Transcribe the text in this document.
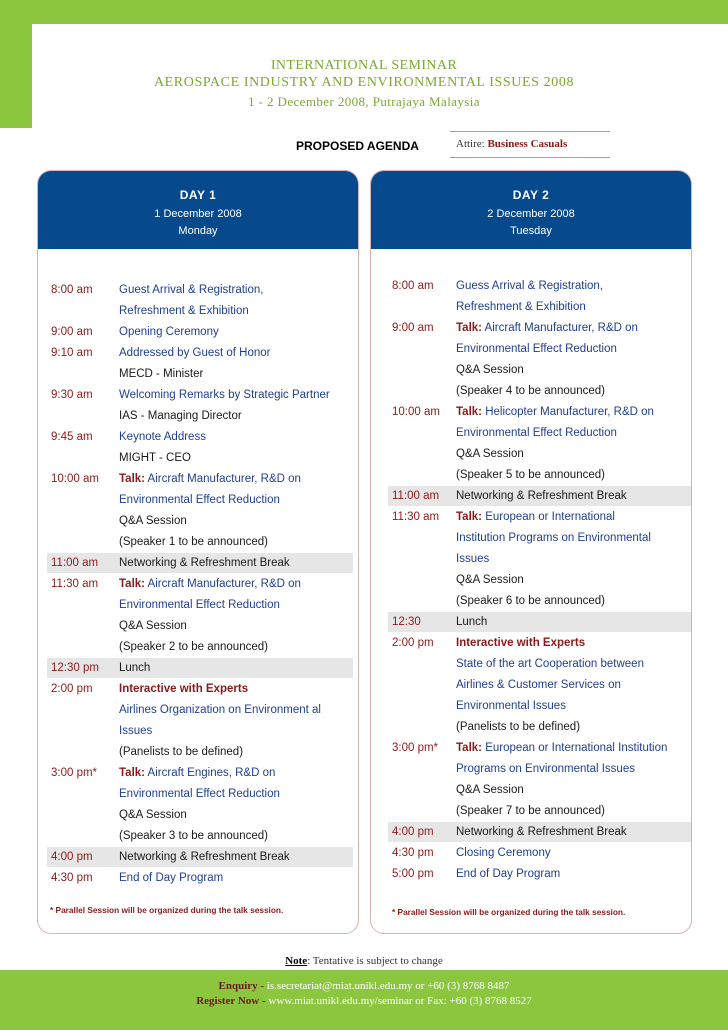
INTERNATIONAL SEMINAR
AEROSPACE INDUSTRY AND ENVIRONMENTAL ISSUES 2008
1 - 2 December 2008, Putrajaya Malaysia
PROPOSED AGENDA	Attire: Business Casuals
DAY 1
1 December 2008
Monday
DAY 2
2 December 2008
Tuesday
8:00 am Guest Arrival & Registration,
Refreshment & Exhibition
9:00 am Opening Ceremony
9:10 am Addressed by Guest of Honor
MECD - Minister
9:30 am Welcoming Remarks by Strategic Partner
IAS - Managing Director
9:45 am Keynote Address
MIGHT - CEO
10:00 am Talk: Aircraft Manufacturer, R&D on
Environmental Effect Reduction
Q&A Session
(Speaker 1 to be announced)
11:00 am Networking & Refreshment Break
11:30 am Talk: Aircraft Manufacturer, R&D on
Environmental Effect Reduction
Q&A Session
(Speaker 2 to be announced)
12:30 pm Lunch
2:00 pm Interactive with Experts
Airlines Organization on Environment al
Issues
(Panelists to be defined)
3:00 pm* Talk: Aircraft Engines, R&D on
Environmental Effect Reduction
Q&A Session
(Speaker 3 to be announced)
4:00 pm Networking & Refreshment Break
4:30 pm End of Day Program
8:00 am Guess Arrival & Registration,
Refreshment & Exhibition
9:00 am Talk: Aircraft Manufacturer, R&D on
Environmental Effect Reduction
Q&A Session
(Speaker 4 to be announced)
10:00 am Talk: Helicopter Manufacturer, R&D on
Environmental Effect Reduction
Q&A Session
(Speaker 5 to be announced)
11:00 am Networking & Refreshment Break
11:30 am Talk: European or International
Institution Programs on Environmental
Issues
Q&A Session
(Speaker 6 to be announced)
12:30	Lunch
2:00 pm Interactive with Experts
State of the art Cooperation between
Airlines & Customer Services on
Environmental Issues
(Panelists to be defined)
3:00 pm* Talk: European or International Institution
Programs on Environmental Issues
Q&A Session
(Speaker 7 to be announced)
4:00 pm Networking & Refreshment Break
4:30 pm Closing Ceremony
5:00 pm End of Day Program
* Parallel Session will be organized during the talk session.	* Parallel Session will be organized during the talk session.
Note: Tentative is subject to change
Enquiry - is.secretariat@miat.unikl.edu.my or +60 (3) 8768 8487
Register Now - www.miat.unikl.edu.my/seminar or Fax: +60 (3) 8768 8527
